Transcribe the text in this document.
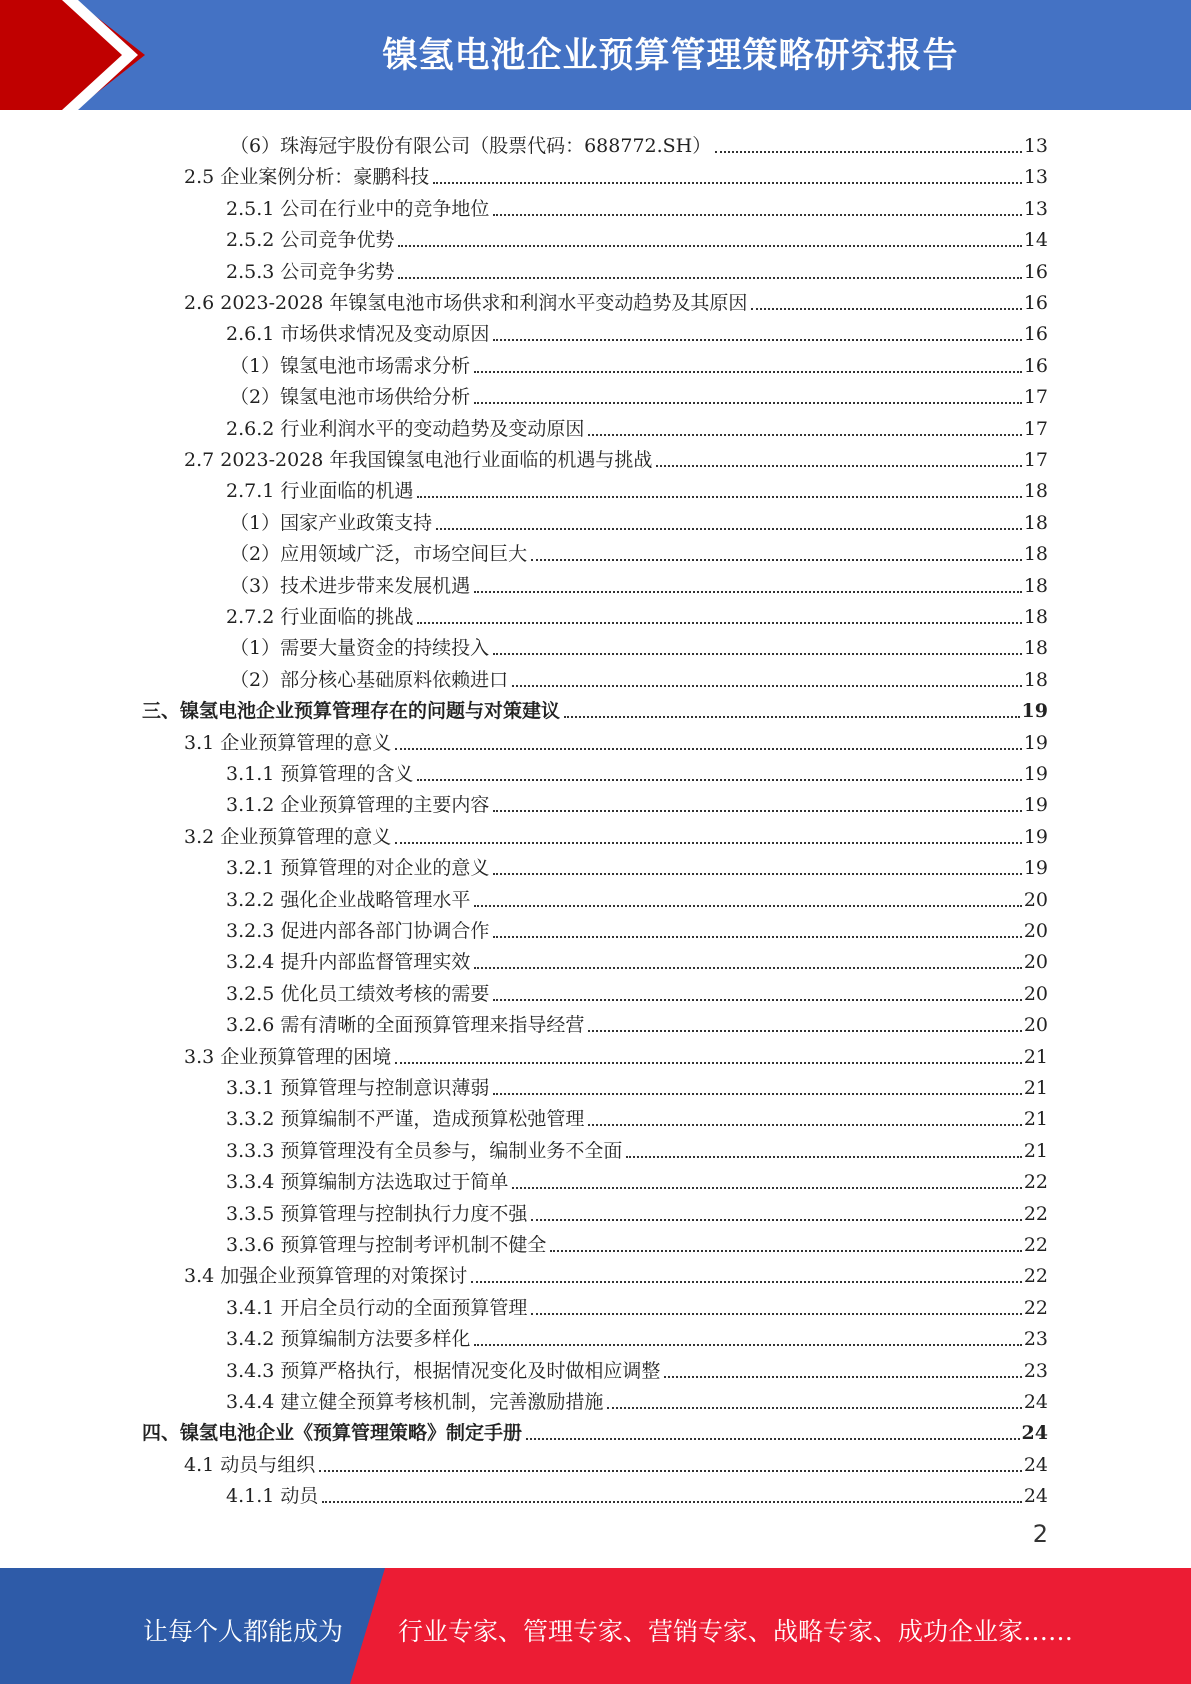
镍氢电池企业预算管理策略研究报告
（6）珠海冠宇股份有限公司（股票代码：688772.SH）	13
2.5 企业案例分析：豪鹏科技	13
2.5.1 公司在行业中的竞争地位	13
2.5.2 公司竞争优势	14
2.5.3 公司竞争劣势	16
2.6 2023-2028 年镍氢电池市场供求和利润水平变动趋势及其原因	16
2.6.1 市场供求情况及变动原因	16
（1）镍氢电池市场需求分析	16
（2）镍氢电池市场供给分析	17
2.6.2 行业利润水平的变动趋势及变动原因	17
2.7 2023-2028 年我国镍氢电池行业面临的机遇与挑战	17
2.7.1 行业面临的机遇	18
（1）国家产业政策支持	18
（2）应用领域广泛，市场空间巨大	18
（3）技术进步带来发展机遇	18
2.7.2 行业面临的挑战	18
（1）需要大量资金的持续投入	18
（2）部分核心基础原料依赖进口	18
三、镍氢电池企业预算管理存在的问题与对策建议	19
3.1 企业预算管理的意义	19
3.1.1 预算管理的含义	19
3.1.2 企业预算管理的主要内容	19
3.2 企业预算管理的意义	19
3.2.1 预算管理的对企业的意义	19
3.2.2 强化企业战略管理水平	20
3.2.3 促进内部各部门协调合作	20
3.2.4 提升内部监督管理实效	20
3.2.5 优化员工绩效考核的需要	20
3.2.6 需有清晰的全面预算管理来指导经营	20
3.3 企业预算管理的困境	21
3.3.1 预算管理与控制意识薄弱	21
3.3.2 预算编制不严谨，造成预算松弛管理	21
3.3.3 预算管理没有全员参与，编制业务不全面	21
3.3.4 预算编制方法选取过于简单	22
3.3.5 预算管理与控制执行力度不强	22
3.3.6 预算管理与控制考评机制不健全	22
3.4 加强企业预算管理的对策探讨	22
3.4.1 开启全员行动的全面预算管理	22
3.4.2 预算编制方法要多样化	23
3.4.3 预算严格执行，根据情况变化及时做相应调整	23
3.4.4 建立健全预算考核机制，完善激励措施	24
四、镍氢电池企业《预算管理策略》制定手册	24
4.1 动员与组织	24
4.1.1 动员	24
2
让每个人都能成为 行业专家、管理专家、营销专家、战略专家、成功企业家……
